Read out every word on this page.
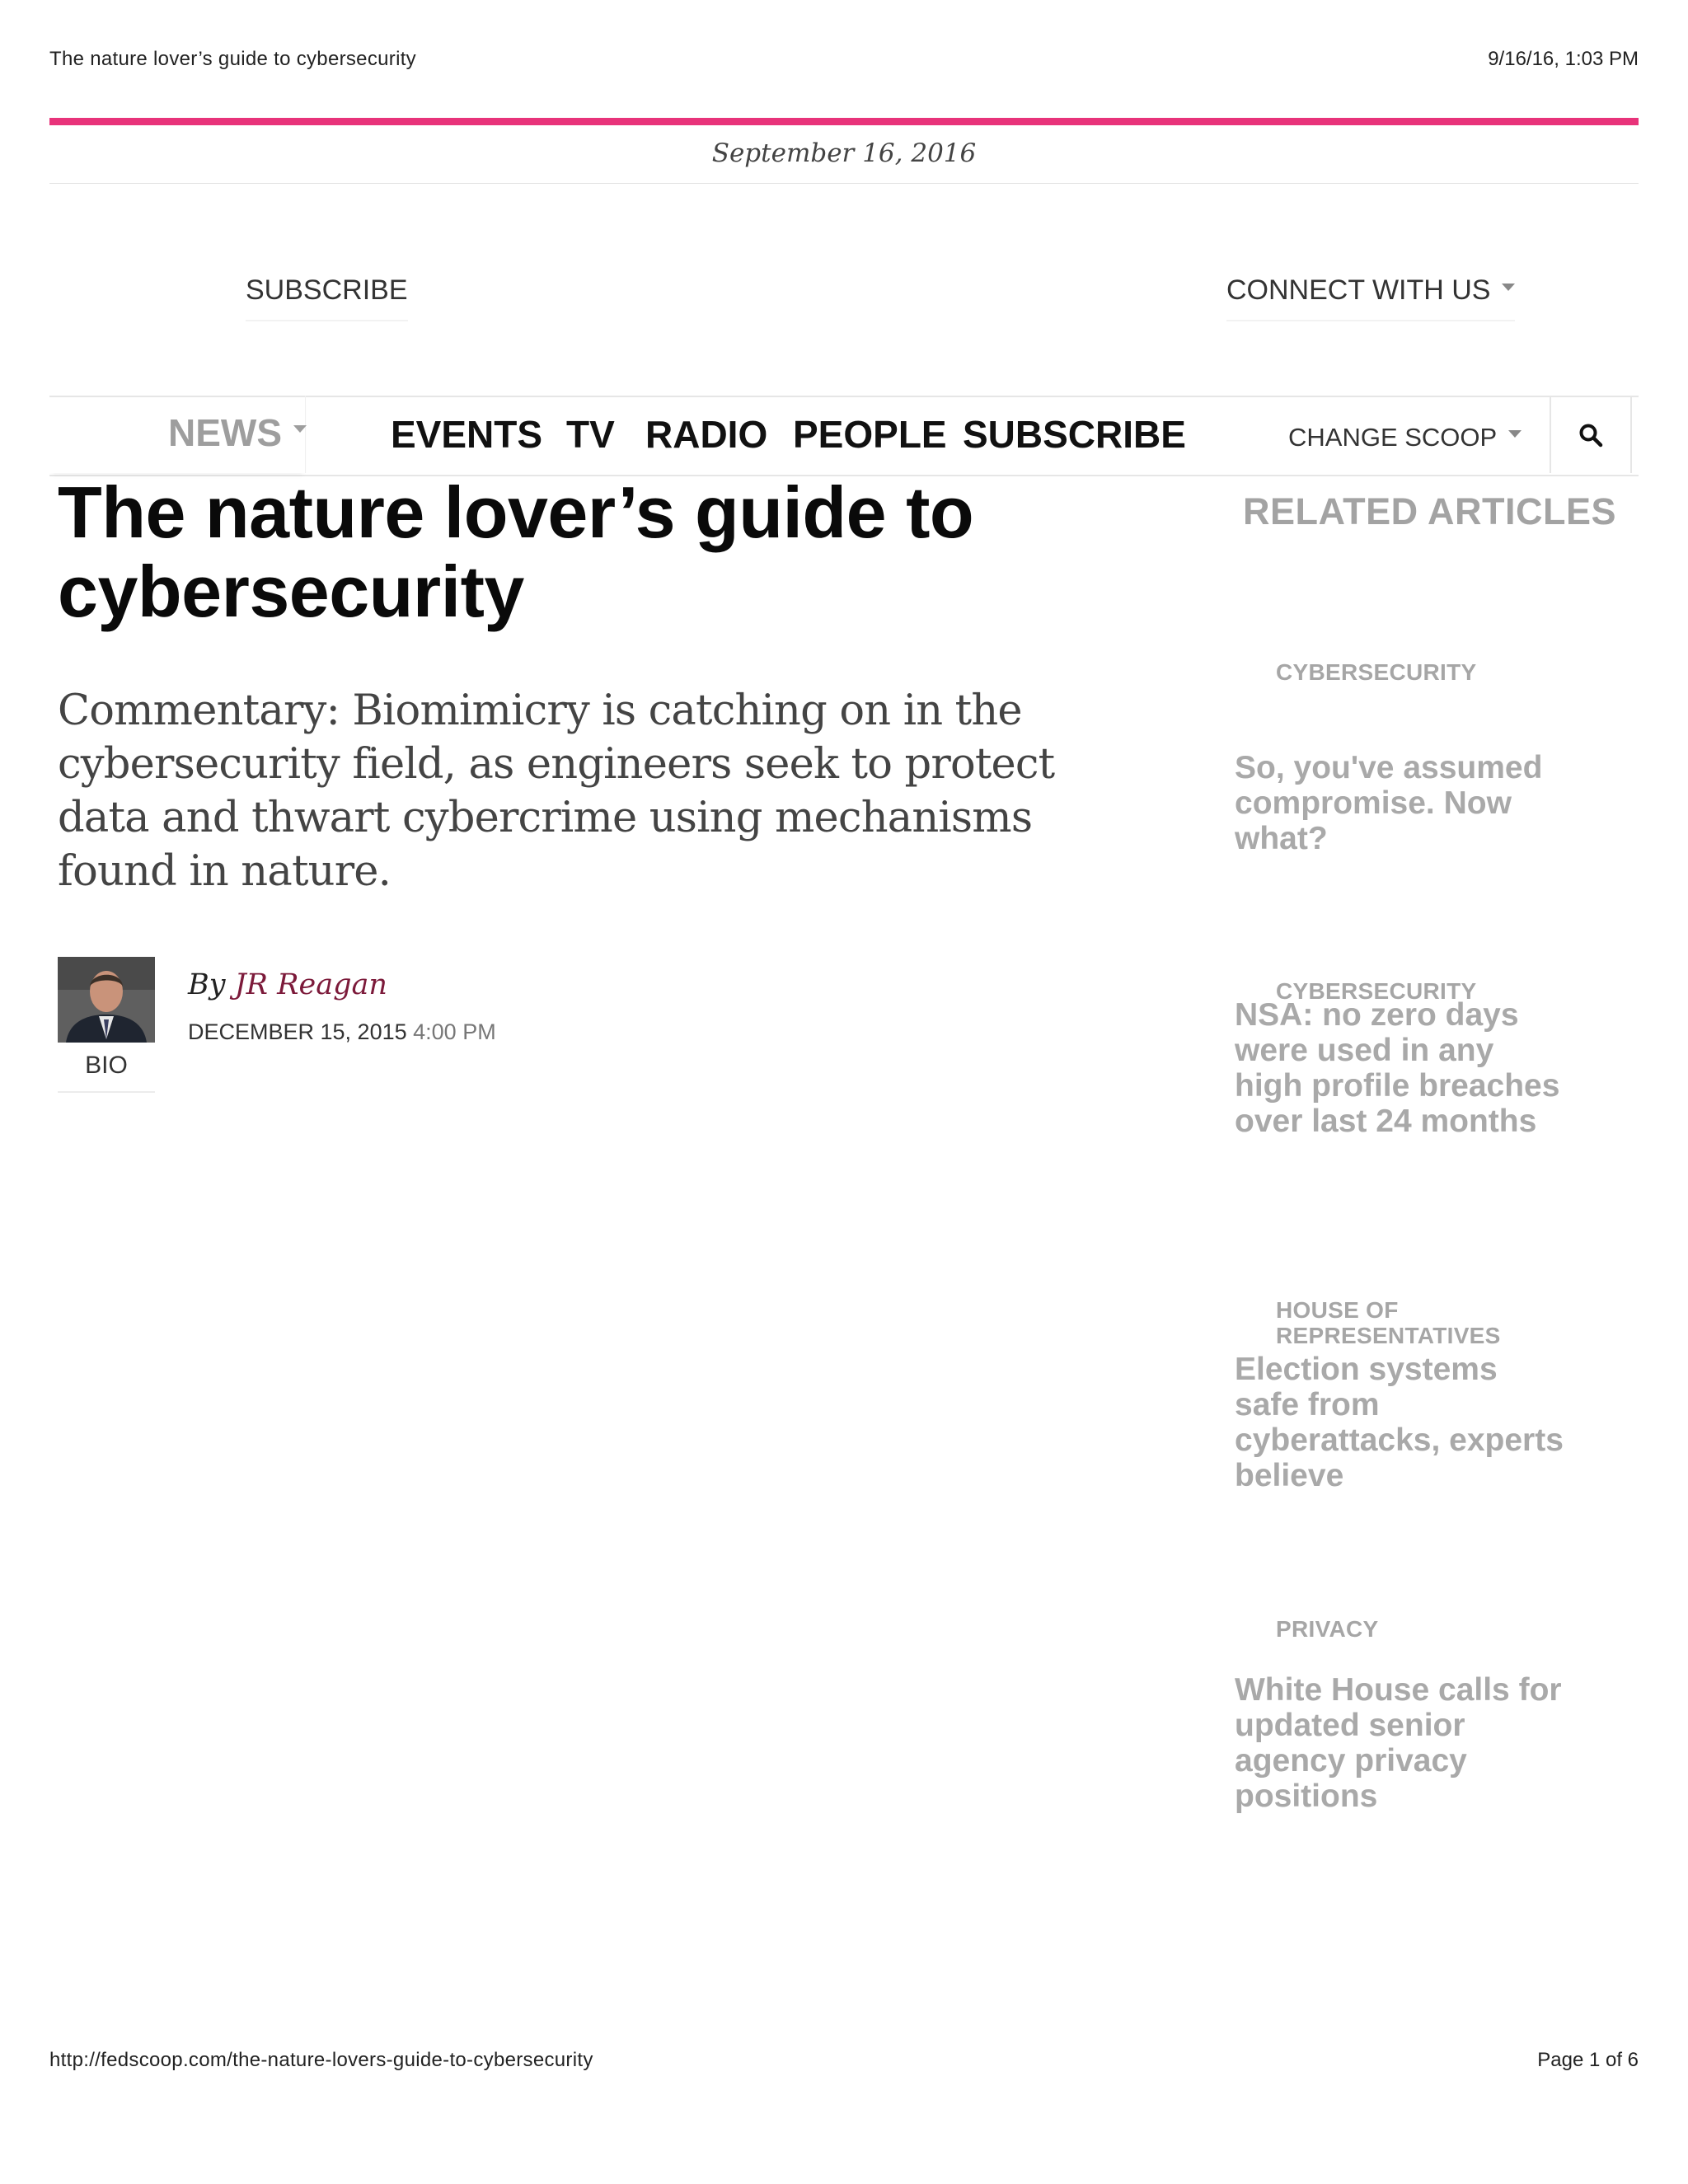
The nature lover’s guide to cybersecurity	9/16/16, 1:03 PM
September 16, 2016
SUBSCRIBE	CONNECT WITH US
NEWS	EVENTS TV RADIO PEOPLE SUBSCRIBE	CHANGE SCOOP
The nature lover’s guide to cybersecurity

Commentary: Biomimicry is catching on in the cybersecurity field, as engineers seek to protect data and thwart cybercrime using mechanisms found in nature.

BIO
By JR Reagan
DECEMBER 15, 2015 4:00 PM
RELATED ARTICLES
CYBERSECURITY
So, you've assumed compromise. Now what?
CYBERSECURITY
NSA: no zero days were used in any high profile breaches over last 24 months
HOUSE OF REPRESENTATIVES
Election systems safe from cyberattacks, experts believe
PRIVACY
White House calls for updated senior agency privacy positions
http://fedscoop.com/the-nature-lovers-guide-to-cybersecurity	Page 1 of 6
